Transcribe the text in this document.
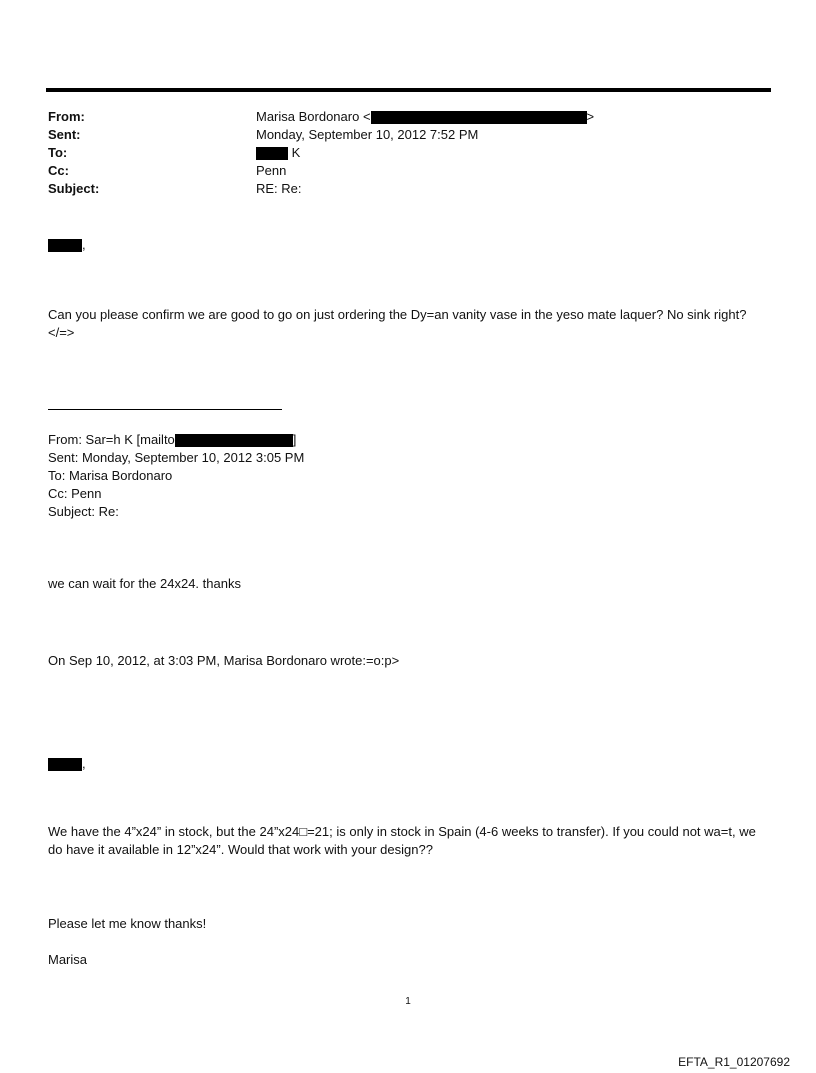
From:	Marisa Bordonaro <	>
Sent:	Monday, September 10, 2012 7:52 PM
To:	K
Cc:	Penn
Subject:	RE: Re:
,
Can you please confirm we are good to go on just ordering the Dy=an vanity vase in the yeso mate laquer? No sink right?</=>
From: Sar=h K [mailto	]
Sent: Monday, September 10, 2012 3:05 PM
To: Marisa Bordonaro
Cc: Penn
Subject: Re:
we can wait for the 24x24. thanks
On Sep 10, 2012, at 3:03 PM, Marisa Bordonaro wrote:=o:p>
,
We have the 4”x24” in stock, but the 24”x24□=21; is only in stock in Spain (4-6 weeks to transfer). If you could not wa=t, we do have it available in 12”x24”. Would that work with your design??
Please let me know thanks!
Marisa
1
EFTA_R1_01207692
